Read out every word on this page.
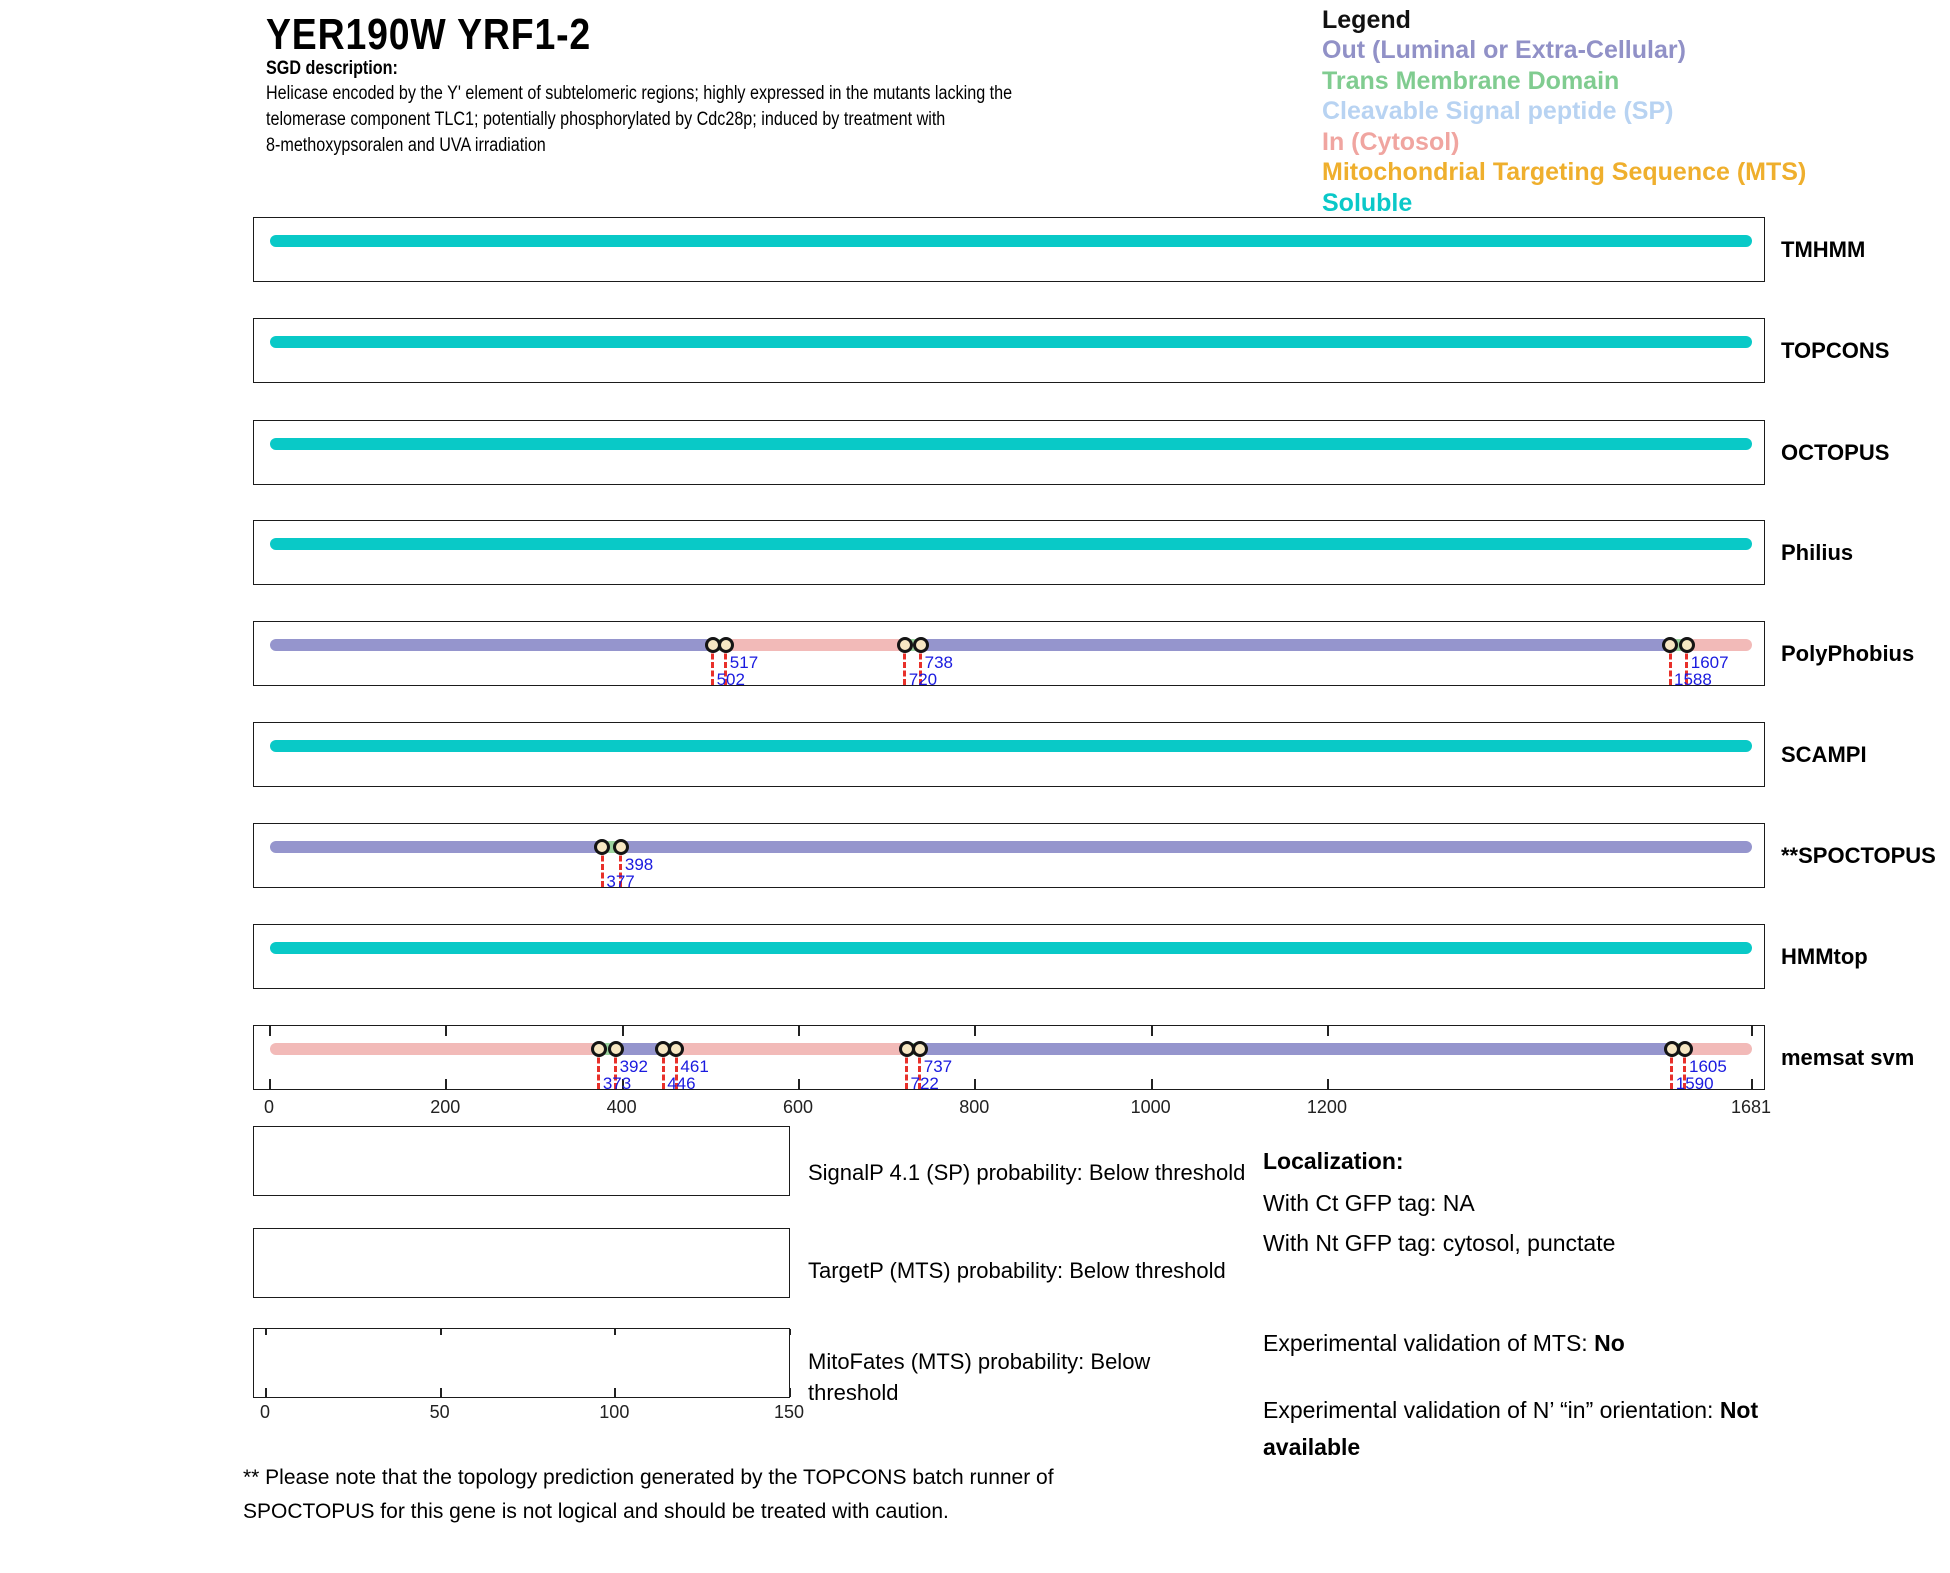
YER190W YRF1-2
SGD description:
Helicase encoded by the Y' element of subtelomeric regions; highly expressed in the mutants lacking the
telomerase component TLC1; potentially phosphorylated by Cdc28p; induced by treatment with
8-methoxypsoralen and UVA irradiation
Legend
Out (Luminal or Extra-Cellular)
Trans Membrane Domain
Cleavable Signal peptide (SP)
In (Cytosol)
Mitochondrial Targeting Sequence (MTS)
Soluble
SignalP 4.1 (SP) probability: Below threshold
TargetP (MTS) probability: Below threshold
MitoFates (MTS) probability: Below threshold
Localization:
With Ct GFP tag: NA
With Nt GFP tag: cytosol, punctate
Experimental validation of MTS: No
Experimental validation of N’ “in” orientation: Not available
** Please note that the topology prediction generated by the TOPCONS batch runner of
SPOCTOPUS for this gene is not logical and should be treated with caution.
TMHMM
TOPCONS
OCTOPUS
Philius
517
502
738
720
1607
1588
PolyPhobius
SCAMPI
398
377
**SPOCTOPUS
HMMtop
392
373
461
446
737
722
1605
1590
0	200	400	600	800	1000	1200	1681
memsat svm
0	50	100	150
